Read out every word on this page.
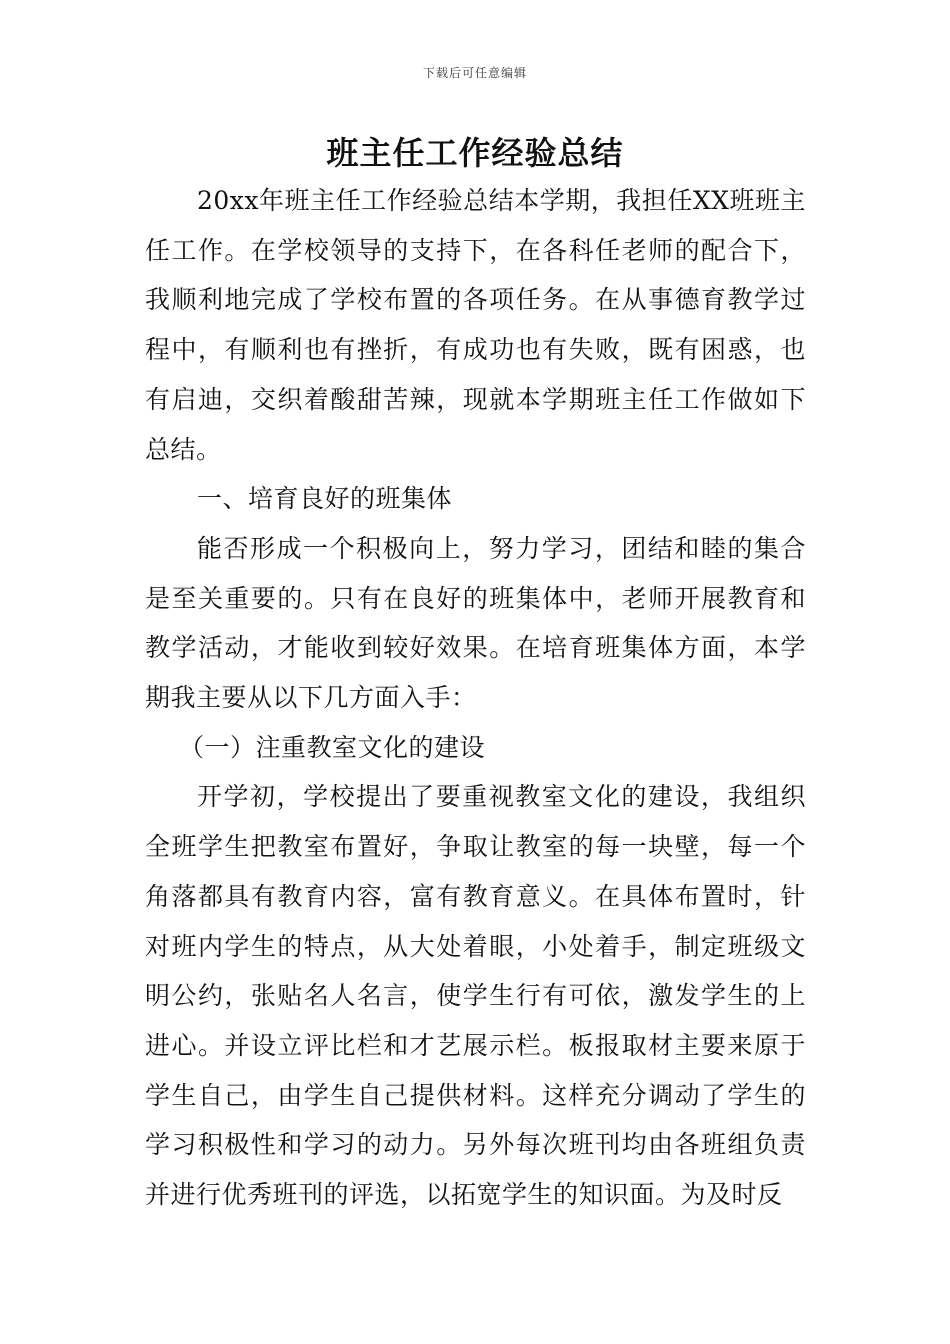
下载后可任意编辑
班主任工作经验总结

20xx年班主任工作经验总结本学期，我担任XX班班主任工作。在学校领导的支持下，在各科任老师的配合下，我顺利地完成了学校布置的各项任务。在从事德育教学过程中，有顺利也有挫折，有成功也有失败，既有困惑，也有启迪，交织着酸甜苦辣，现就本学期班主任工作做如下总结。

一、培育良好的班集体

能否形成一个积极向上，努力学习，团结和睦的集合是至关重要的。只有在良好的班集体中，老师开展教育和教学活动，才能收到较好效果。在培育班集体方面，本学期我主要从以下几方面入手：

（一）注重教室文化的建设

开学初，学校提出了要重视教室文化的建设，我组织全班学生把教室布置好，争取让教室的每一块壁，每一个角落都具有教育内容，富有教育意义。在具体布置时，针对班内学生的特点，从大处着眼，小处着手，制定班级文明公约，张贴名人名言，使学生行有可依，激发学生的上进心。并设立评比栏和才艺展示栏。板报取材主要来原于学生自己，由学生自己提供材料。这样充分调动了学生的学习积极性和学习的动力。另外每次班刊均由各班组负责并进行优秀班刊的评选，以拓宽学生的知识面。为及时反
